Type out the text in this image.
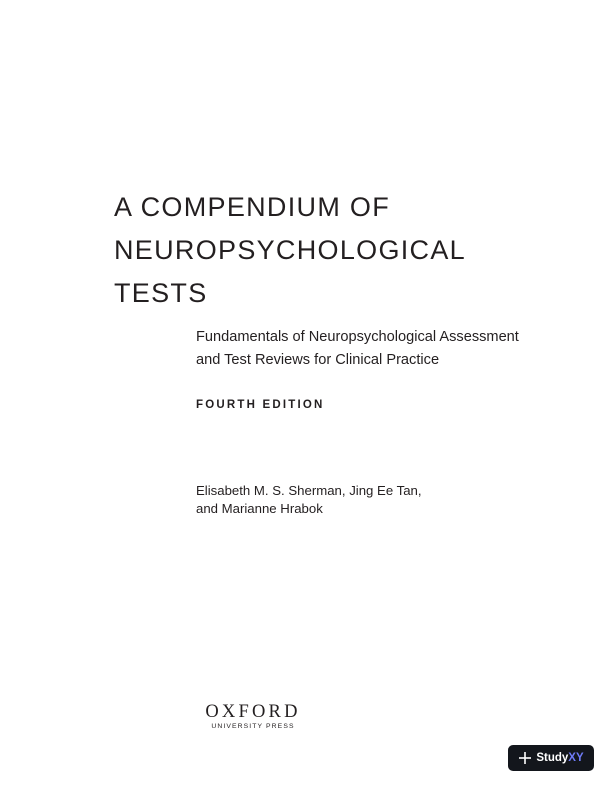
A COMPENDIUM OF
NEUROPSYCHOLOGICAL
TESTS
Fundamentals of Neuropsychological Assessment
and Test Reviews for Clinical Practice
FOURTH EDITION
Elisabeth M. S. Sherman, Jing Ee Tan,
and Marianne Hrabok
OXFORD
UNIVERSITY PRESS
StudyXY
